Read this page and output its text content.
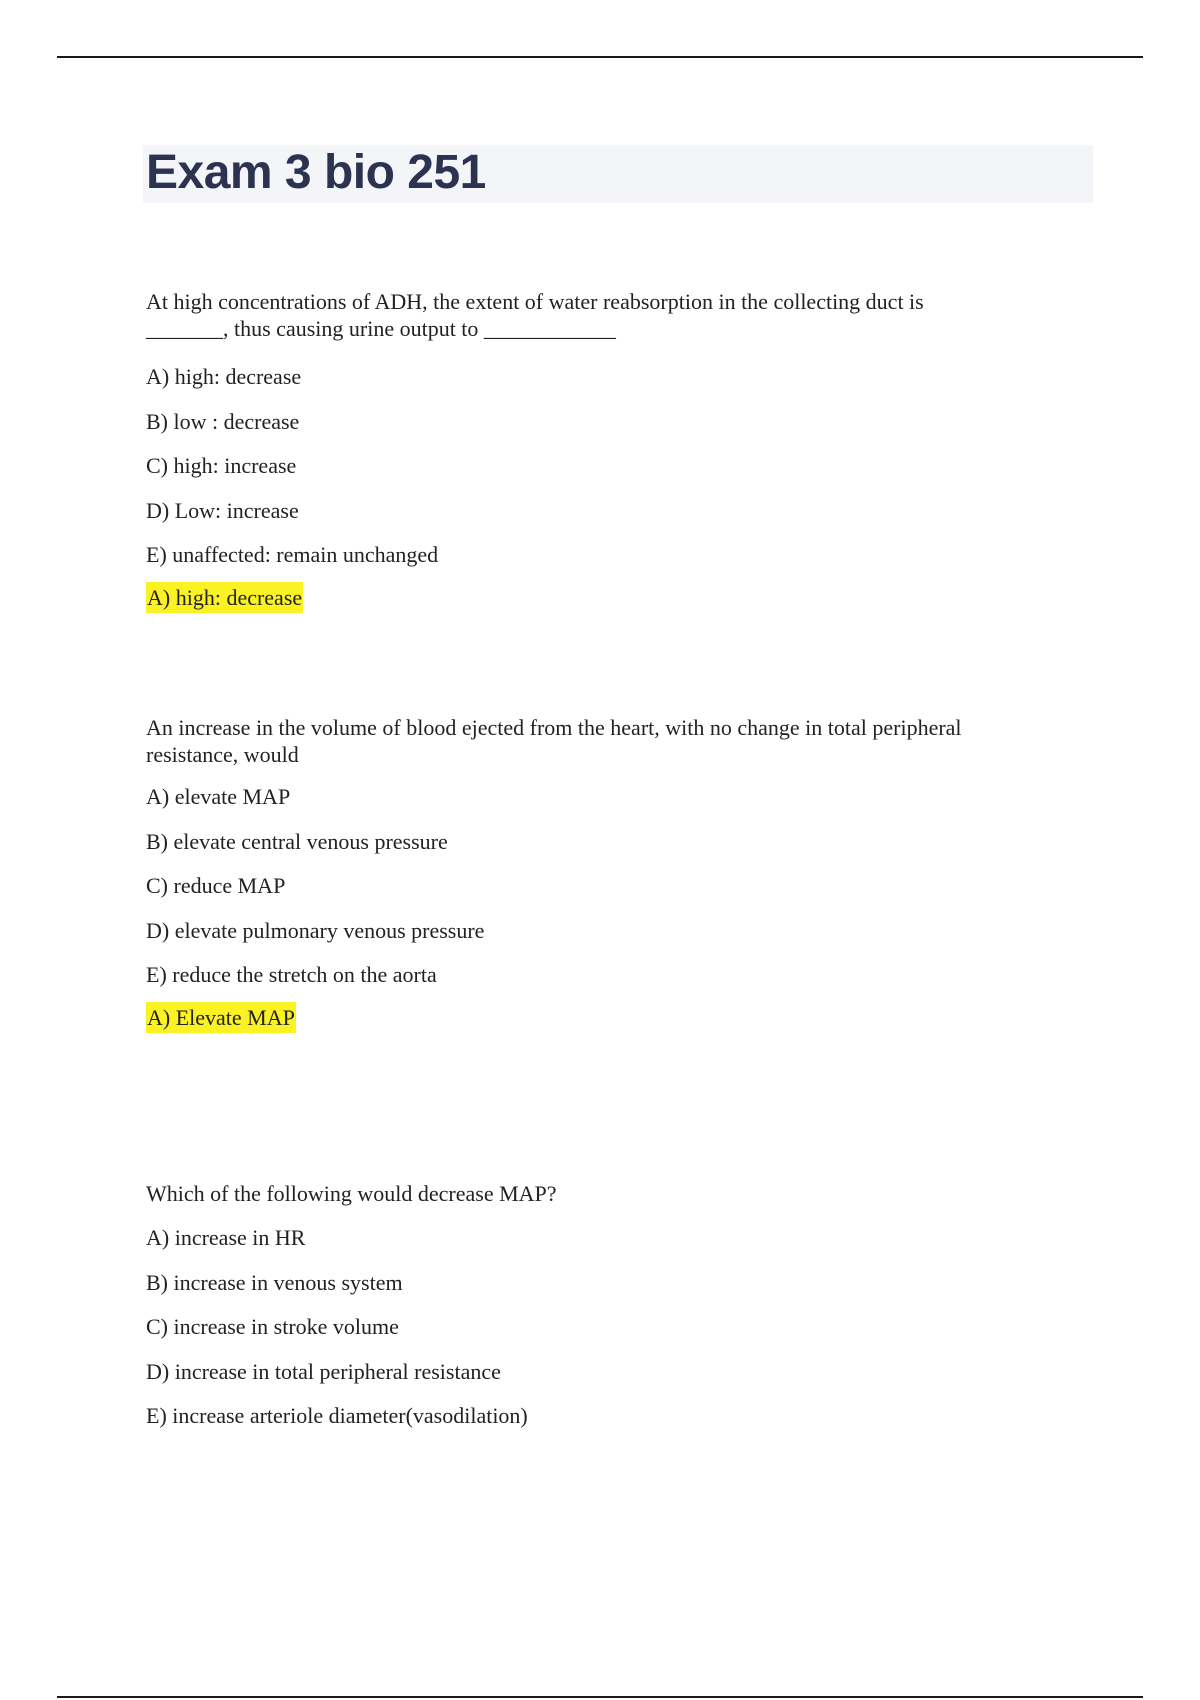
Exam 3 bio 251

At high concentrations of ADH, the extent of water reabsorption in the collecting duct is
_______, thus causing urine output to ____________

A) high: decrease
B) low : decrease
C) high: increase
D) Low: increase
E) unaffected: remain unchanged
A) high: decrease

An increase in the volume of blood ejected from the heart, with no change in total peripheral
resistance, would

A) elevate MAP
B) elevate central venous pressure
C) reduce MAP
D) elevate pulmonary venous pressure
E) reduce the stretch on the aorta
A) Elevate MAP

Which of the following would decrease MAP?

A) increase in HR
B) increase in venous system
C) increase in stroke volume
D) increase in total peripheral resistance
E) increase arteriole diameter(vasodilation)
